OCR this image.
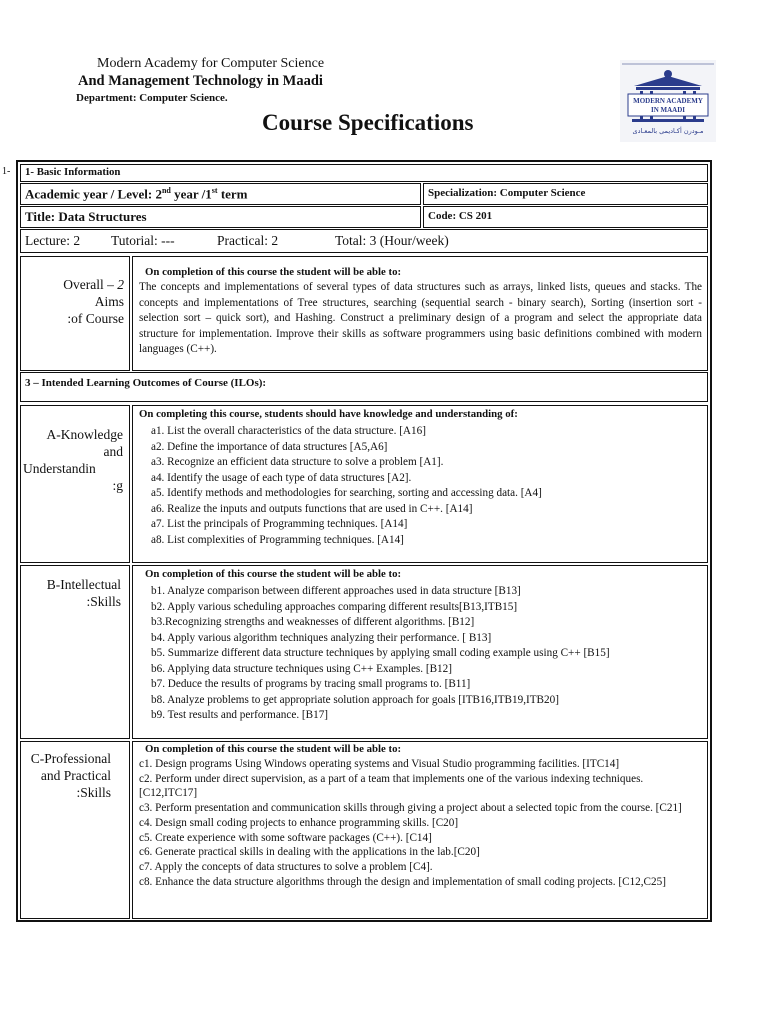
Modern Academy for Computer Science
And Management Technology in Maadi
Department: Computer Science.
Course Specifications
MODERN ACADEMY
IN MAADI
مـودرن أكـاديمى بالمعـادى
1- 1- Basic Information
Academic year / Level: 2nd year /1st term	Specialization: Computer Science
Title: Data Structures	Code: CS 201
Lecture: 2 Tutorial: ---	Practical: 2	Total: 3 (Hour/week)
Overall – 2
Aims
:of Course
On completion of this course the student will be able to:
The concepts and implementations of several types of data structures such as arrays, linked lists, queues and stacks. The concepts and implementations of Tree structures, searching (sequential search - binary search), Sorting (insertion sort - selection sort – quick sort), and Hashing. Construct a preliminary design of a program and select the appropriate data structure for implementation. Improve their skills as software programmers using basic definitions combined with modern languages (C++).
3 – Intended Learning Outcomes of Course (ILOs):
A-Knowledge
and
Understandin
:g
On completing this course, students should have knowledge and understanding of:
a1. List the overall characteristics of the data structure. [A16]
a2. Define the importance of data structures [A5,A6]
a3. Recognize an efficient data structure to solve a problem [A1].
a4. Identify the usage of each type of data structures [A2].
a5. Identify methods and methodologies for searching, sorting and accessing data. [A4]
a6. Realize the inputs and outputs functions that are used in C++. [A14]
a7. List the principals of Programming techniques. [A14]
a8. List complexities of Programming techniques. [A14]
B-Intellectual
:Skills
On completion of this course the student will be able to:
b1. Analyze comparison between different approaches used in data structure [B13]
b2. Apply various scheduling approaches comparing different results[B13,ITB15]
b3.Recognizing strengths and weaknesses of different algorithms. [B12]
b4. Apply various algorithm techniques analyzing their performance. [ B13]
b5. Summarize different data structure techniques by applying small coding example using C++ [B15]
b6. Applying data structure techniques using C++ Examples. [B12]
b7. Deduce the results of programs by tracing small programs to. [B11]
b8. Analyze problems to get appropriate solution approach for goals [ITB16,ITB19,ITB20]
b9. Test results and performance. [B17]
C-Professional
and Practical
:Skills
On completion of this course the student will be able to:
c1. Design programs Using Windows operating systems and Visual Studio programming facilities. [ITC14]
c2. Perform under direct supervision, as a part of a team that implements one of the various indexing techniques. [C12,ITC17]
c3. Perform presentation and communication skills through giving a project about a selected topic from the course. [C21]
c4. Design small coding projects to enhance programming skills. [C20]
c5. Create experience with some software packages (C++). [C14]
c6. Generate practical skills in dealing with the applications in the lab.[C20]
c7. Apply the concepts of data structures to solve a problem [C4].
c8. Enhance the data structure algorithms through the design and implementation of small coding projects. [C12,C25]
